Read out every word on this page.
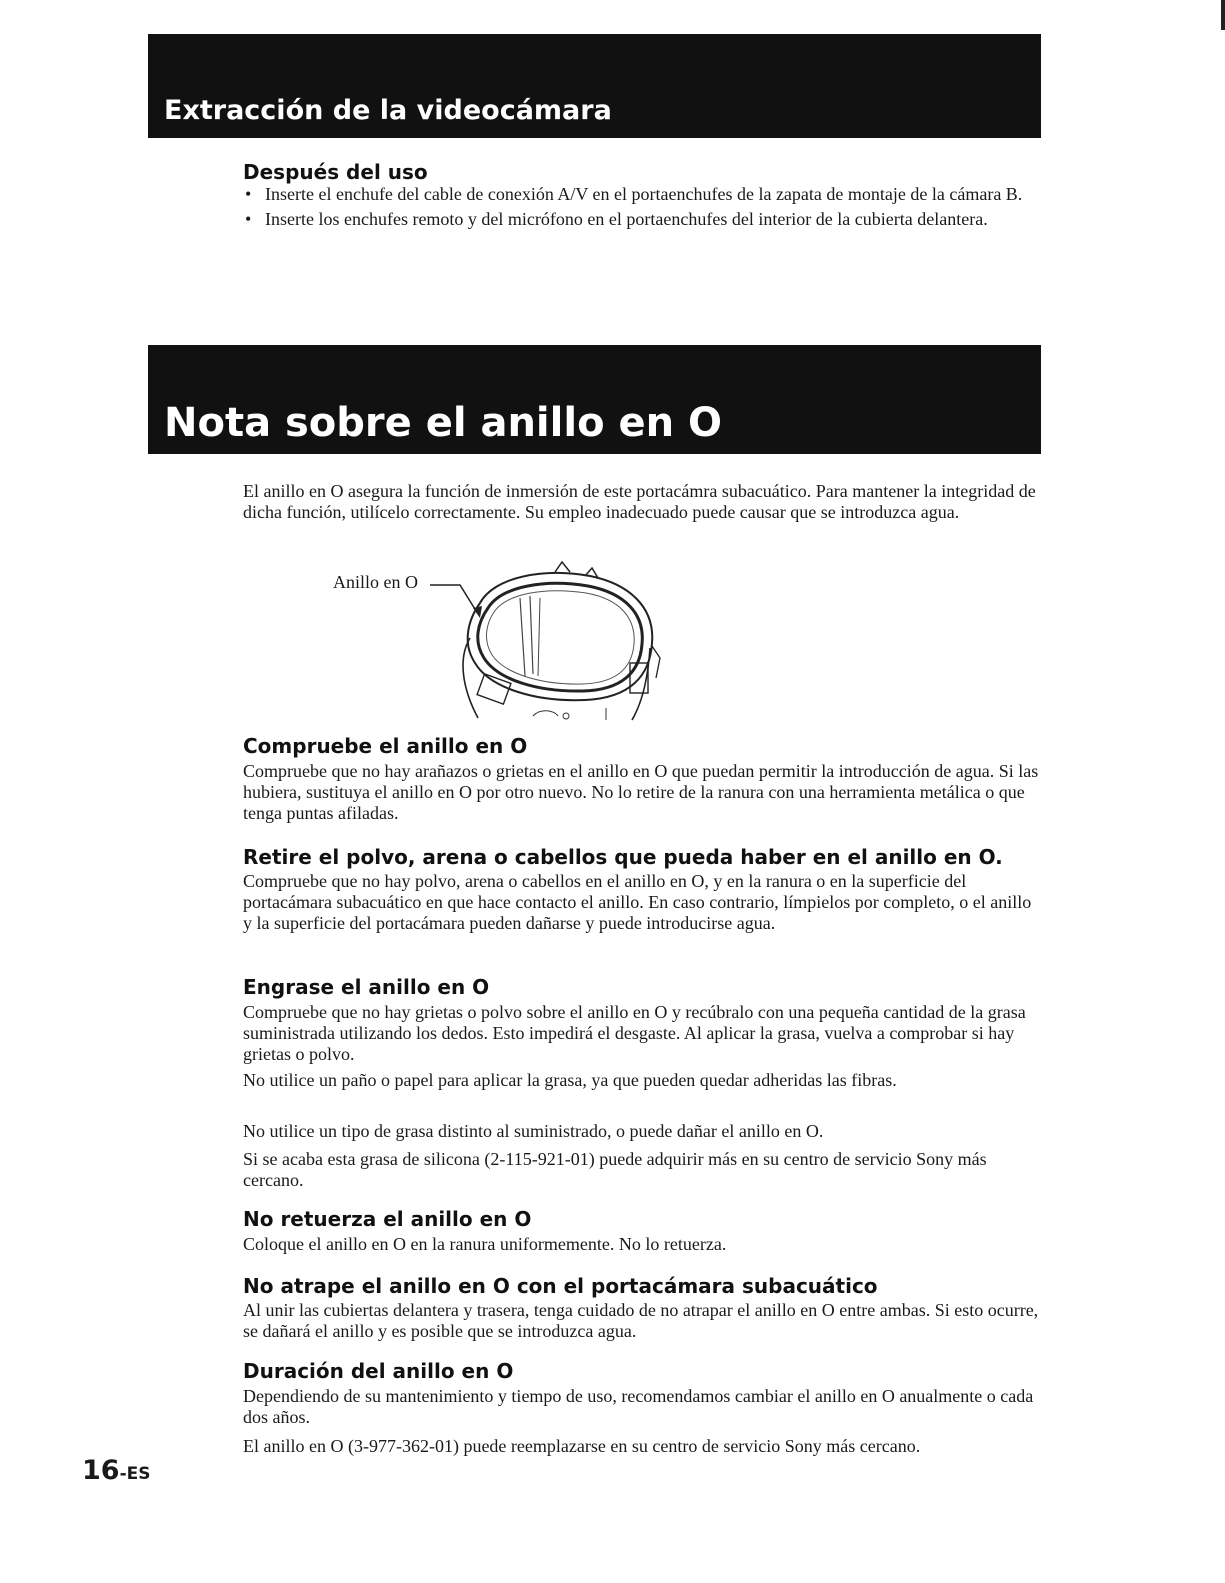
Extracción de la videocámara
Después del uso
• Inserte el enchufe del cable de conexión A/V en el portaenchufes de la zapata de montaje de la cámara B.
• Inserte los enchufes remoto y del micrófono en el portaenchufes del interior de la cubierta delantera.
Nota sobre el anillo en O

El anillo en O asegura la función de inmersión de este portacámra subacuático. Para mantener la integridad de dicha función, utilícelo correctamente. Su empleo inadecuado puede causar que se introduzca agua.

Anillo en O
Compruebe el anillo en O

Compruebe que no hay arañazos o grietas en el anillo en O que puedan permitir la introducción de agua. Si las hubiera, sustituya el anillo en O por otro nuevo. No lo retire de la ranura con una herramienta metálica o que tenga puntas afiladas.

Retire el polvo, arena o cabellos que pueda haber en el anillo en O.

Compruebe que no hay polvo, arena o cabellos en el anillo en O, y en la ranura o en la superficie del portacámara subacuático en que hace contacto el anillo. En caso contrario, límpielos por completo, o el anillo y la superficie del portacámara pueden dañarse y puede introducirse agua.

Engrase el anillo en O

Compruebe que no hay grietas o polvo sobre el anillo en O y recúbralo con una pequeña cantidad de la grasa suministrada utilizando los dedos. Esto impedirá el desgaste. Al aplicar la grasa, vuelva a comprobar si hay grietas o polvo.

No utilice un paño o papel para aplicar la grasa, ya que pueden quedar adheridas las fibras.

No utilice un tipo de grasa distinto al suministrado, o puede dañar el anillo en O.

Si se acaba esta grasa de silicona (2-115-921-01) puede adquirir más en su centro de servicio Sony más cercano.

No retuerza el anillo en O

Coloque el anillo en O en la ranura uniformemente. No lo retuerza.

No atrape el anillo en O con el portacámara subacuático

Al unir las cubiertas delantera y trasera, tenga cuidado de no atrapar el anillo en O entre ambas. Si esto ocurre, se dañará el anillo y es posible que se introduzca agua.

Duración del anillo en O

Dependiendo de su mantenimiento y tiempo de uso, recomendamos cambiar el anillo en O anualmente o cada dos años.

El anillo en O (3-977-362-01) puede reemplazarse en su centro de servicio Sony más cercano.

16-ES
